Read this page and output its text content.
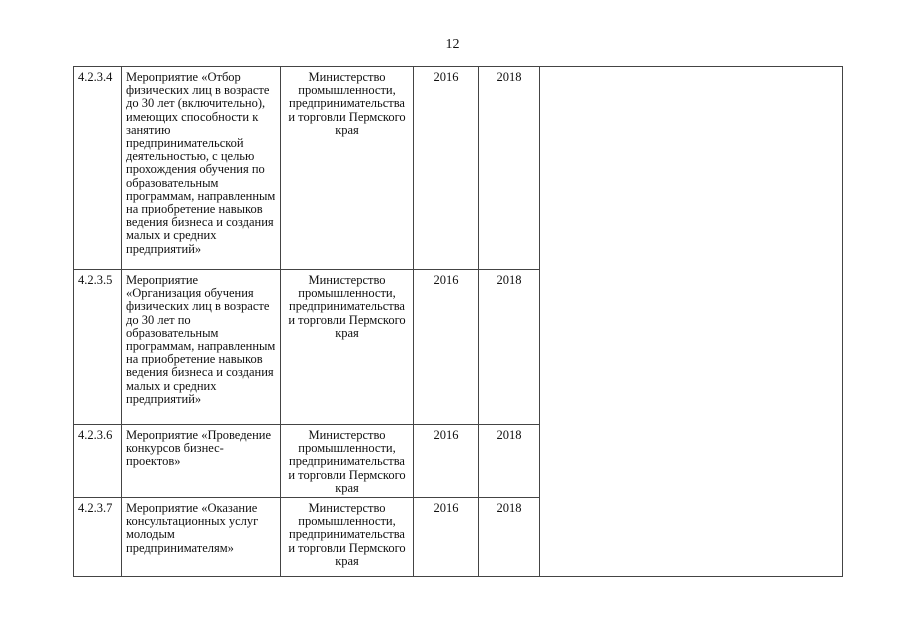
12
4.2.3.4	Мероприятие «Отбор физических лиц в возрасте до 30 лет (включительно), имеющих способности к занятию предпринимательской деятельностью, с целью прохождения обучения по образовательным программам, направленным на приобретение навыков ведения бизнеса и создания малых и средних предприятий»	Министерство промышленности, предпринимательства и торговли Пермского края	2016	2018	
4.2.3.5	Мероприятие «Организация обучения физических лиц в возрасте до 30 лет по образовательным программам, направленным на приобретение навыков ведения бизнеса и создания малых и средних предприятий»	Министерство промышленности, предпринимательства и торговли Пермского края	2016	2018	
4.2.3.6	Мероприятие «Проведение конкурсов бизнес-проектов»	Министерство промышленности, предпринимательства и торговли Пермского края	2016	2018	
4.2.3.7	Мероприятие «Оказание консультационных услуг молодым предпринимателям»	Министерство промышленности, предпринимательства и торговли Пермского края	2016	2018	
